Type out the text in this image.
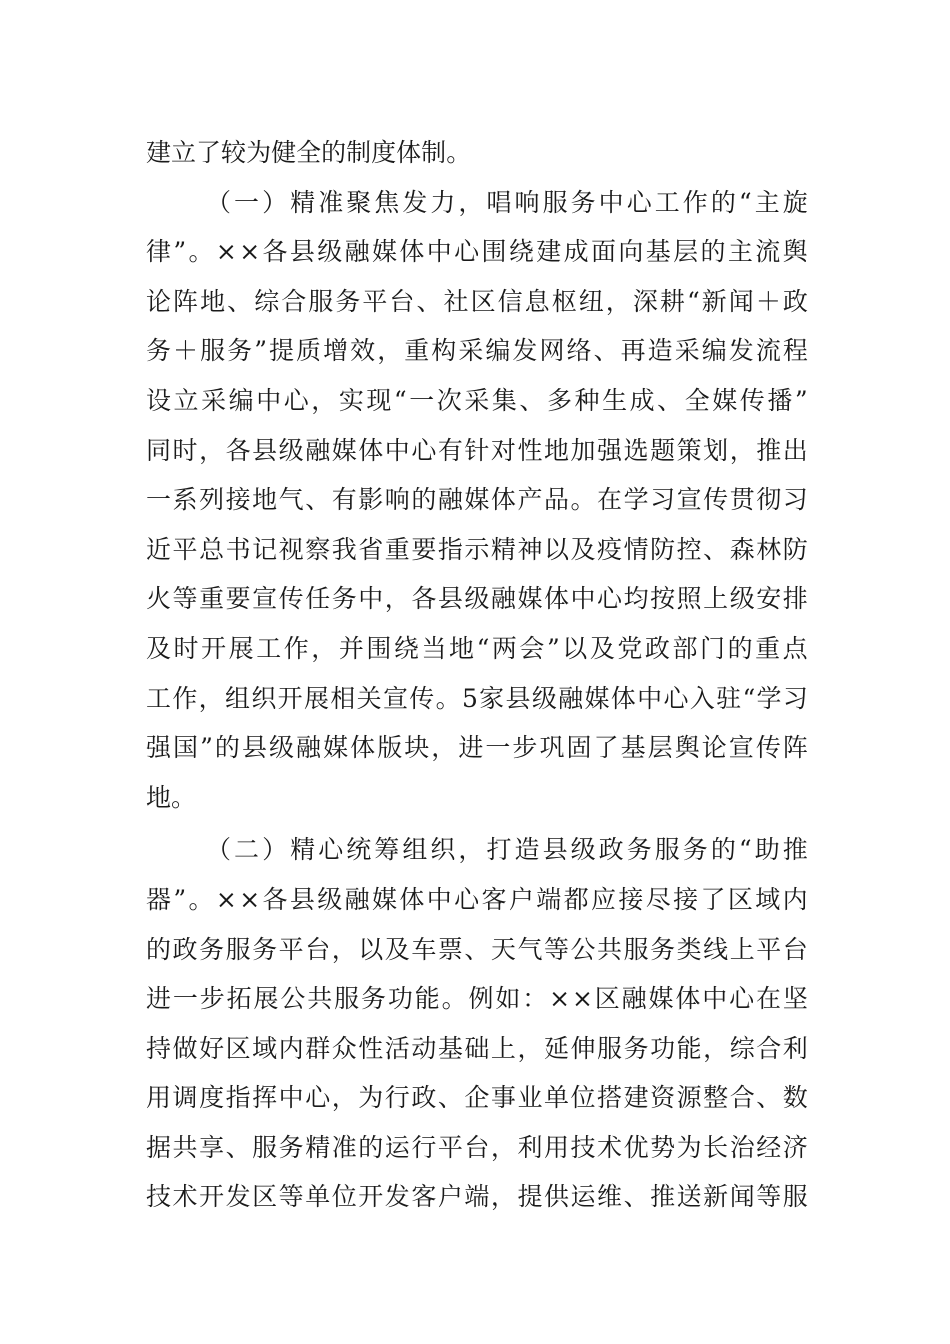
建 立 了 较 为 健 全 的 制 度 体 制 。
（ 一 ） 精 准 聚 焦 发 力 ， 唱 响 服 务 中 心 工 作 的 “ 主 旋
律 ” 。 × × 各 县 级 融 媒 体 中 心 围 绕 建 成 面 向 基 层 的 主 流 舆
论 阵 地 、 综 合 服 务 平 台 、 社 区 信 息 枢 纽 ， 深 耕 “ 新 闻 ＋ 政
务 ＋ 服 务 ” 提 质 增 效 ， 重 构 采 编 发 网 络 、 再 造 采 编 发 流 程
设 立 采 编 中 心 ， 实 现 “ 一 次 采 集 、 多 种 生 成 、 全 媒 传 播 ”
同 时 ， 各 县 级 融 媒 体 中 心 有 针 对 性 地 加 强 选 题 策 划 ， 推 出
一 系 列 接 地 气 、 有 影 响 的 融 媒 体 产 品 。 在 学 习 宣 传 贯 彻 习
近 平 总 书 记 视 察 我 省 重 要 指 示 精 神 以 及 疫 情 防 控 、 森 林 防
火 等 重 要 宣 传 任 务 中 ， 各 县 级 融 媒 体 中 心 均 按 照 上 级 安 排
及 时 开 展 工 作 ， 并 围 绕 当 地 “ 两 会 ” 以 及 党 政 部 门 的 重 点
工 作 ， 组 织 开 展 相 关 宣 传 。 5 家 县 级 融 媒 体 中 心 入 驻 “ 学 习
强 国 ” 的 县 级 融 媒 体 版 块 ， 进 一 步 巩 固 了 基 层 舆 论 宣 传 阵
地 。
（ 二 ） 精 心 统 筹 组 织 ， 打 造 县 级 政 务 服 务 的 “ 助 推
器 ” 。 × × 各 县 级 融 媒 体 中 心 客 户 端 都 应 接 尽 接 了 区 域 内
的 政 务 服 务 平 台 ， 以 及 车 票 、 天 气 等 公 共 服 务 类 线 上 平 台
进 一 步 拓 展 公 共 服 务 功 能 。 例 如 ： × × 区 融 媒 体 中 心 在 坚
持 做 好 区 域 内 群 众 性 活 动 基 础 上 ， 延 伸 服 务 功 能 ， 综 合 利
用 调 度 指 挥 中 心 ， 为 行 政 、 企 事 业 单 位 搭 建 资 源 整 合 、 数
据 共 享 、 服 务 精 准 的 运 行 平 台 ， 利 用 技 术 优 势 为 长 治 经 济
技 术 开 发 区 等 单 位 开 发 客 户 端 ， 提 供 运 维 、 推 送 新 闻 等 服
